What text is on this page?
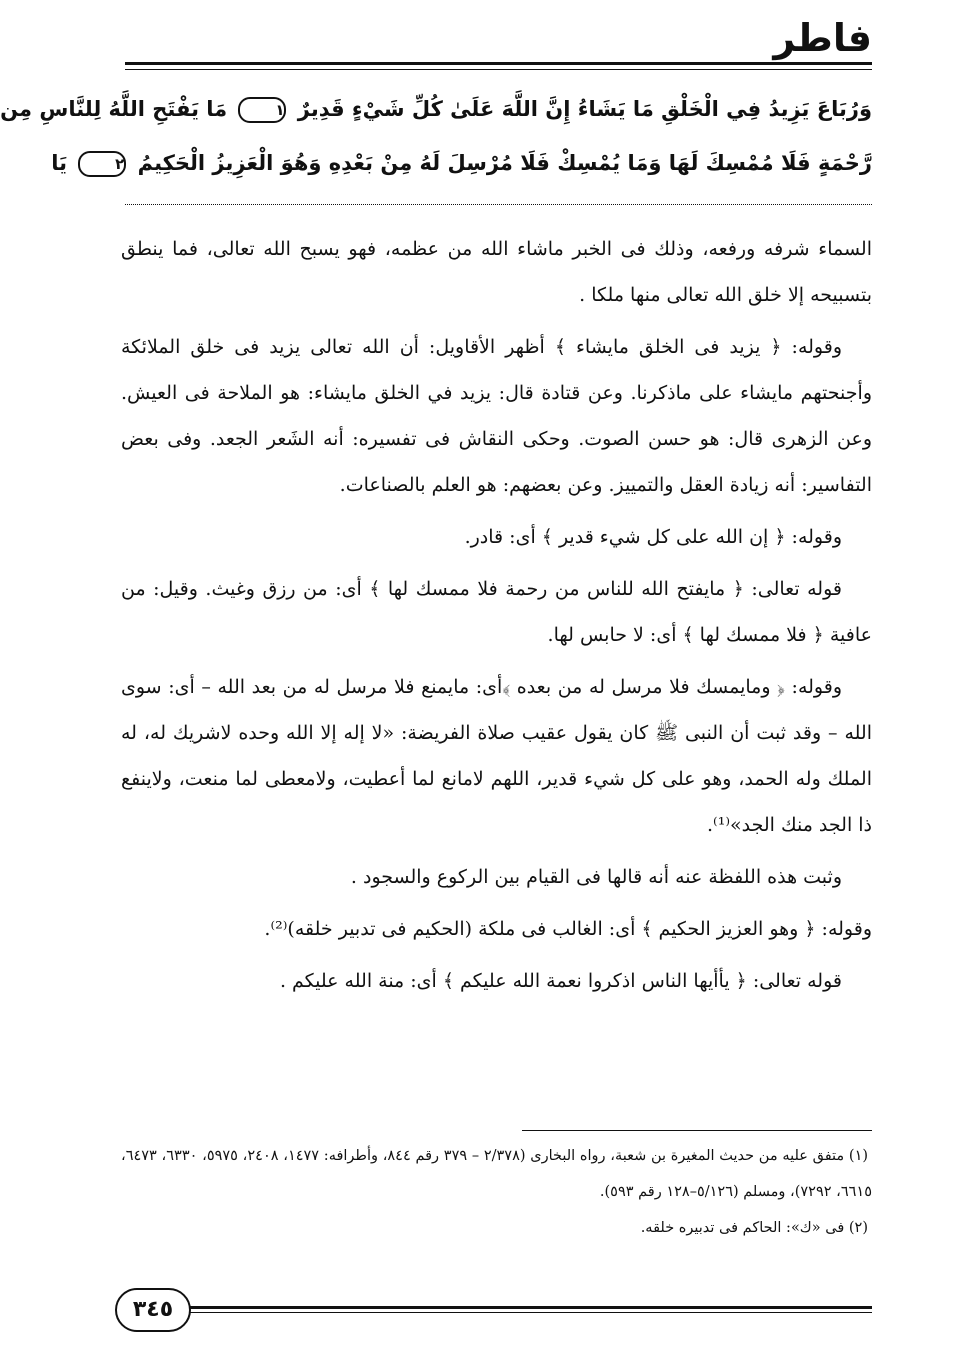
فاطر
وَرُبَاعَ يَزِيدُ فِي الْخَلْقِ مَا يَشَاءُ إِنَّ اللَّهَ عَلَىٰ كُلِّ شَيْءٍ قَدِيرٌ ١ مَا يَفْتَحِ اللَّهُ لِلنَّاسِ مِن
رَّحْمَةٍ فَلَا مُمْسِكَ لَهَا وَمَا يُمْسِكْ فَلَا مُرْسِلَ لَهُ مِنْ بَعْدِهِ وَهُوَ الْعَزِيزُ الْحَكِيمُ ٢ يَا

السماء شرفه ورفعه، وذلك فى الخبر ماشاء الله من عظمه، فهو يسبح الله تعالى، فما ينطق بتسبيحه إلا خلق الله تعالى منها ملكا .

وقوله: ﴿ يزيد فى الخلق مايشاء ﴾ أظهر الأقاويل: أن الله تعالى يزيد فى خلق الملائكة وأجنحتهم مايشاء على ماذكرنا. وعن قتادة قال: يزيد في الخلق مايشاء: هو الملاحة فى العيش. وعن الزهرى قال: هو حسن الصوت. وحكى النقاش فى تفسيره: أنه الشَعر الجعد. وفى بعض التفاسير: أنه زيادة العقل والتمييز. وعن بعضهم: هو العلم بالصناعات.

وقوله: ﴿ إن الله على كل شيء قدير ﴾ أى: قادر.

قوله تعالى: ﴿ مايفتح الله للناس من رحمة فلا ممسك لها ﴾ أى: من رزق وغيث. وقيل: من عافية ﴿ فلا ممسك لها ﴾ أى: لا حابس لها.

وقوله: ﴿ ومايمسك فلا مرسل له من بعده ﴾أى: مايمنع فلا مرسل له من بعد الله – أى: سوى الله – وقد ثبت أن النبى ﷺ كان يقول عقيب صلاة الفريضة: «لا إله إلا الله وحده لاشريك له، له الملك وله الحمد، وهو على كل شيء قدير، اللهم لامانع لما أعطيت، ولامعطى لما منعت، ولاينفع ذا الجد منك الجد»⁽¹⁾.

وثبت هذه اللفظة عنه أنه قالها فى القيام بين الركوع والسجود .

وقوله: ﴿ وهو العزيز الحكيم ﴾ أى: الغالب فى ملكة (الحكيم فى تدبير خلقه)⁽²⁾.

قوله تعالى: ﴿ يأأيها الناس اذكروا نعمة الله عليكم ﴾ أى: منة الله عليكم .

(١) متفق عليه من حديث المغيرة بن شعبة، رواه البخارى (٢/٣٧٨ – ٣٧٩ رقم ٨٤٤، وأطرافه: ١٤٧٧، ٢٤٠٨، ٥٩٧٥، ٦٣٣٠، ٦٤٧٣، ٦٦١٥، ٧٢٩٢)، ومسلم (٥/١٢٦–١٢٨ رقم ٥٩٣).

(٢) فى «ك»: الحاكم فى تدبيره خلقه.

٣٤٥
